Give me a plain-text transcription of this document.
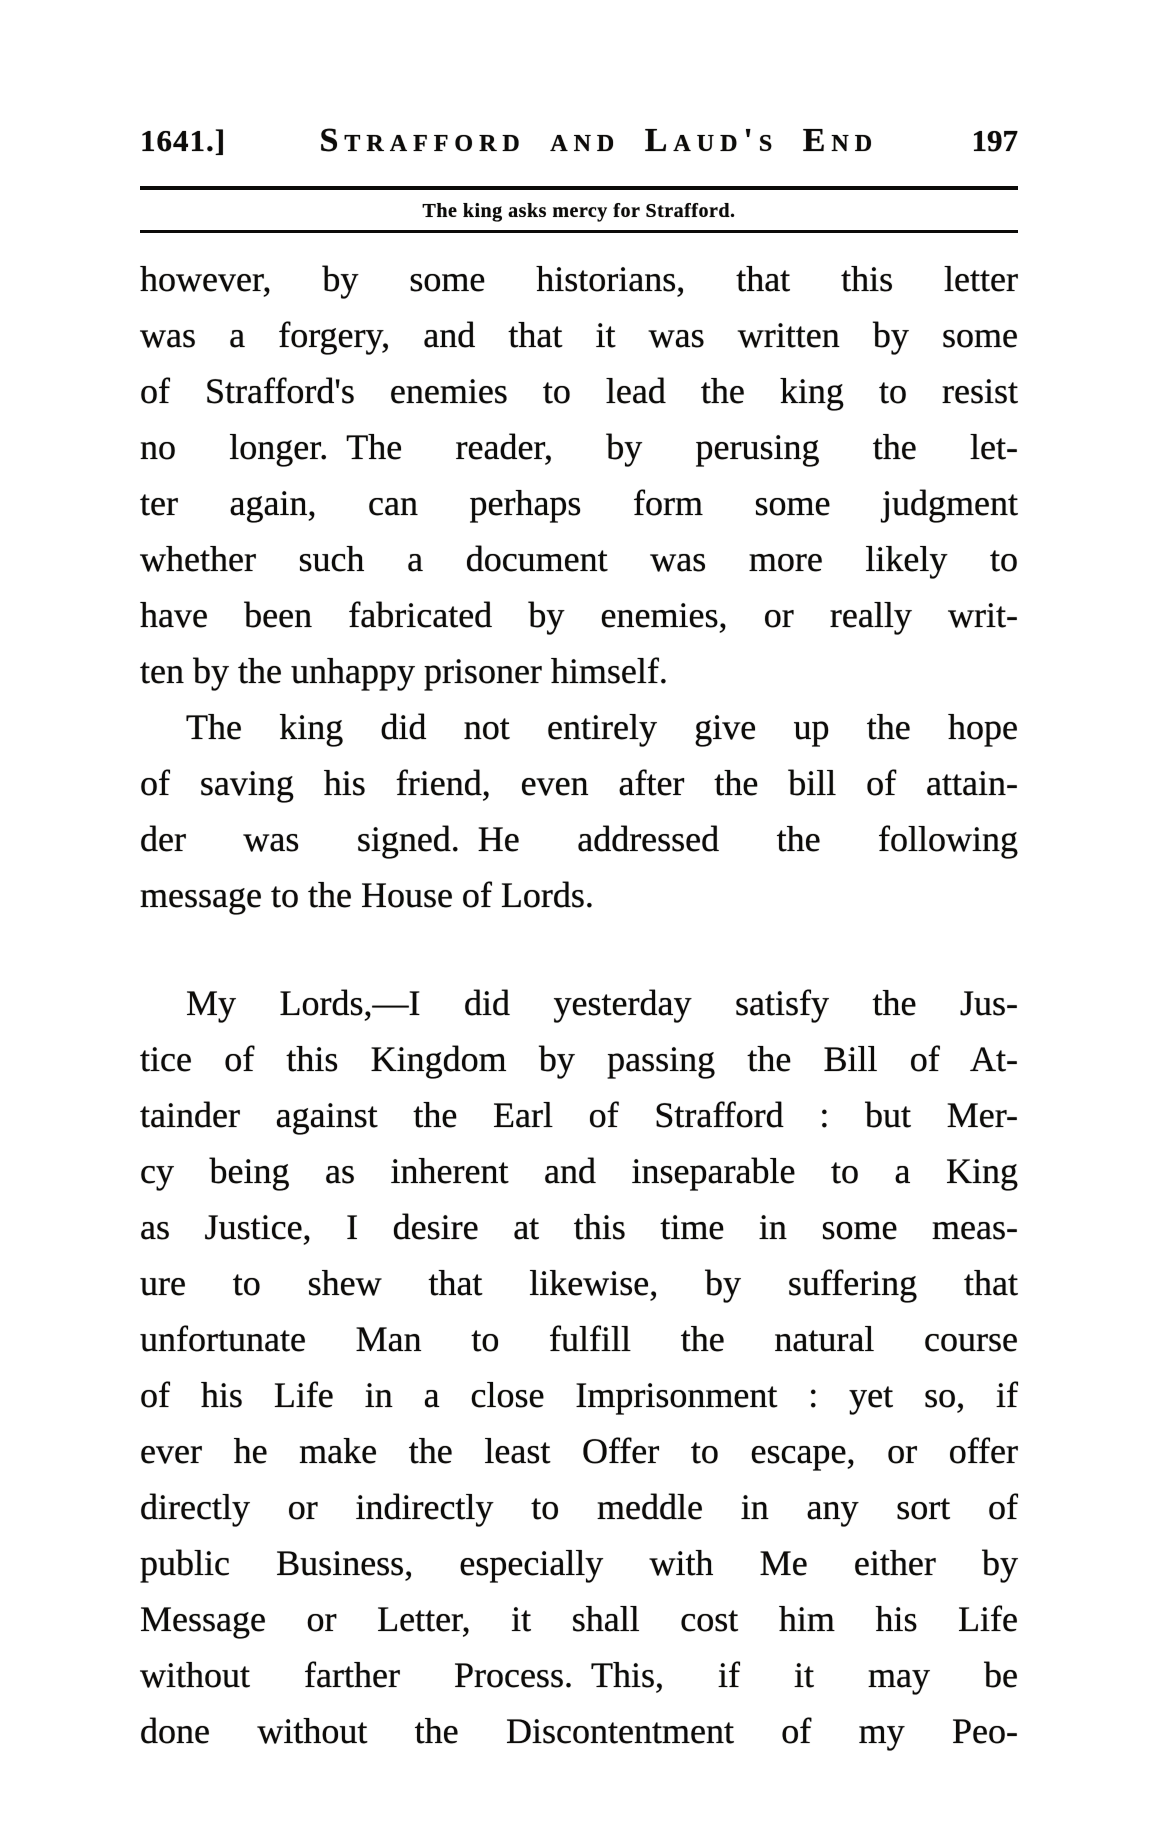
1641.]	Strafford and Laud's End	197
The king asks mercy for Strafford.
however, by some historians, that this letter
was a forgery, and that it was written by some
of Strafford's enemies to lead the king to resist
no longer. The reader, by perusing the let-
ter again, can perhaps form some judgment
whether such a document was more likely to
have been fabricated by enemies, or really writ-
ten by the unhappy prisoner himself.
The king did not entirely give up the hope
of saving his friend, even after the bill of attain-
der was signed. He addressed the following
message to the House of Lords.
My Lords,—I did yesterday satisfy the Jus-
tice of this Kingdom by passing the Bill of At-
tainder against the Earl of Strafford : but Mer-
cy being as inherent and inseparable to a King
as Justice, I desire at this time in some meas-
ure to shew that likewise, by suffering that
unfortunate Man to fulfill the natural course
of his Life in a close Imprisonment : yet so, if
ever he make the least Offer to escape, or offer
directly or indirectly to meddle in any sort of
public Business, especially with Me either by
Message or Letter, it shall cost him his Life
without farther Process. This, if it may be
done without the Discontentment of my Peo-
